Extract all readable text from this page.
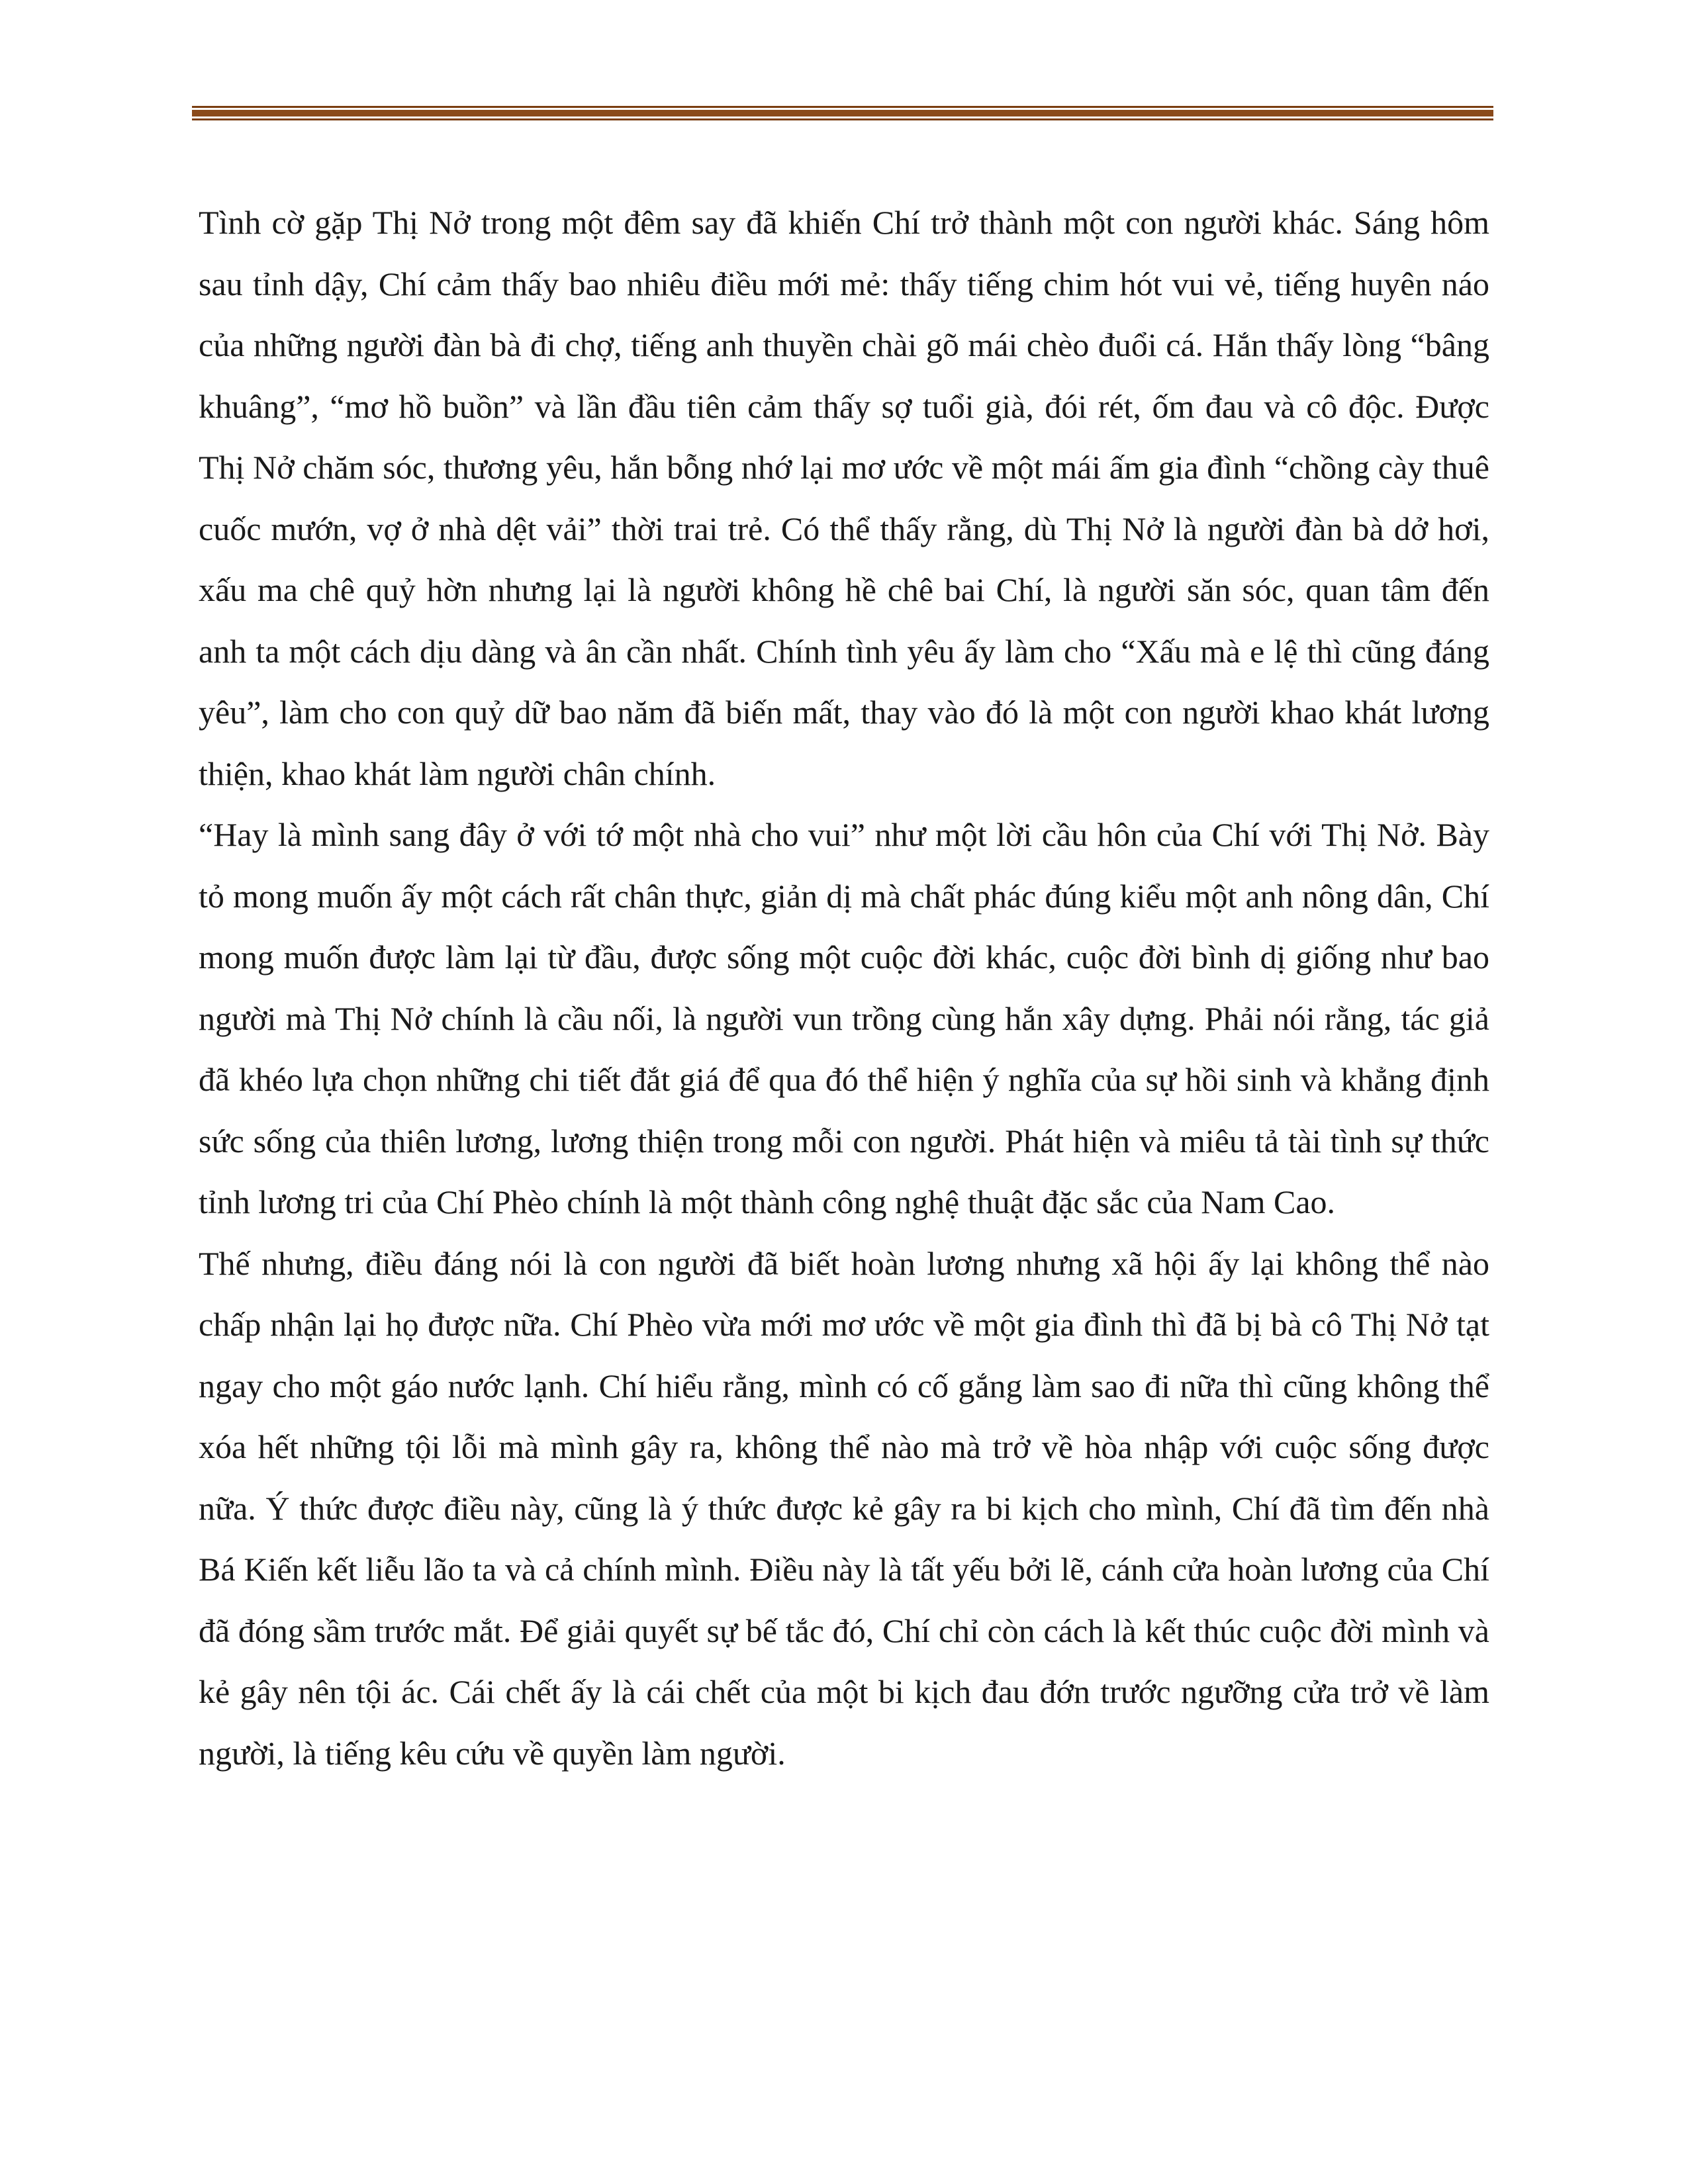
Tình cờ gặp Thị Nở trong một đêm say đã khiến Chí trở thành một con người khác. Sáng hôm sau tỉnh dậy, Chí cảm thấy bao nhiêu điều mới mẻ: thấy tiếng chim hót vui vẻ, tiếng huyên náo của những người đàn bà đi chợ, tiếng anh thuyền chài gõ mái chèo đuổi cá. Hắn thấy lòng “bâng khuâng”, “mơ hồ buồn” và lần đầu tiên cảm thấy sợ tuổi già, đói rét, ốm đau và cô độc. Được Thị Nở chăm sóc, thương yêu, hắn bỗng nhớ lại mơ ước về một mái ấm gia đình “chồng cày thuê cuốc mướn, vợ ở nhà dệt vải” thời trai trẻ. Có thể thấy rằng, dù Thị Nở là người đàn bà dở hơi, xấu ma chê quỷ hờn nhưng lại là người không hề chê bai Chí, là người săn sóc, quan tâm đến anh ta một cách dịu dàng và ân cần nhất. Chính tình yêu ấy làm cho “Xấu mà e lệ thì cũng đáng yêu”, làm cho con quỷ dữ bao năm đã biến mất, thay vào đó là một con người khao khát lương thiện, khao khát làm người chân chính.

“Hay là mình sang đây ở với tớ một nhà cho vui” như một lời cầu hôn của Chí với Thị Nở. Bày tỏ mong muốn ấy một cách rất chân thực, giản dị mà chất phác đúng kiểu một anh nông dân, Chí mong muốn được làm lại từ đầu, được sống một cuộc đời khác, cuộc đời bình dị giống như bao người mà Thị Nở chính là cầu nối, là người vun trồng cùng hắn xây dựng. Phải nói rằng, tác giả đã khéo lựa chọn những chi tiết đắt giá để qua đó thể hiện ý nghĩa của sự hồi sinh và khẳng định sức sống của thiên lương, lương thiện trong mỗi con người. Phát hiện và miêu tả tài tình sự thức tỉnh lương tri của Chí Phèo chính là một thành công nghệ thuật đặc sắc của Nam Cao.

Thế nhưng, điều đáng nói là con người đã biết hoàn lương nhưng xã hội ấy lại không thể nào chấp nhận lại họ được nữa. Chí Phèo vừa mới mơ ước về một gia đình thì đã bị bà cô Thị Nở tạt ngay cho một gáo nước lạnh. Chí hiểu rằng, mình có cố gắng làm sao đi nữa thì cũng không thể xóa hết những tội lỗi mà mình gây ra, không thể nào mà trở về hòa nhập với cuộc sống được nữa. Ý thức được điều này, cũng là ý thức được kẻ gây ra bi kịch cho mình, Chí đã tìm đến nhà Bá Kiến kết liễu lão ta và cả chính mình. Điều này là tất yếu bởi lẽ, cánh cửa hoàn lương của Chí đã đóng sầm trước mắt. Để giải quyết sự bế tắc đó, Chí chỉ còn cách là kết thúc cuộc đời mình và kẻ gây nên tội ác. Cái chết ấy là cái chết của một bi kịch đau đớn trước ngưỡng cửa trở về làm người, là tiếng kêu cứu về quyền làm người.
